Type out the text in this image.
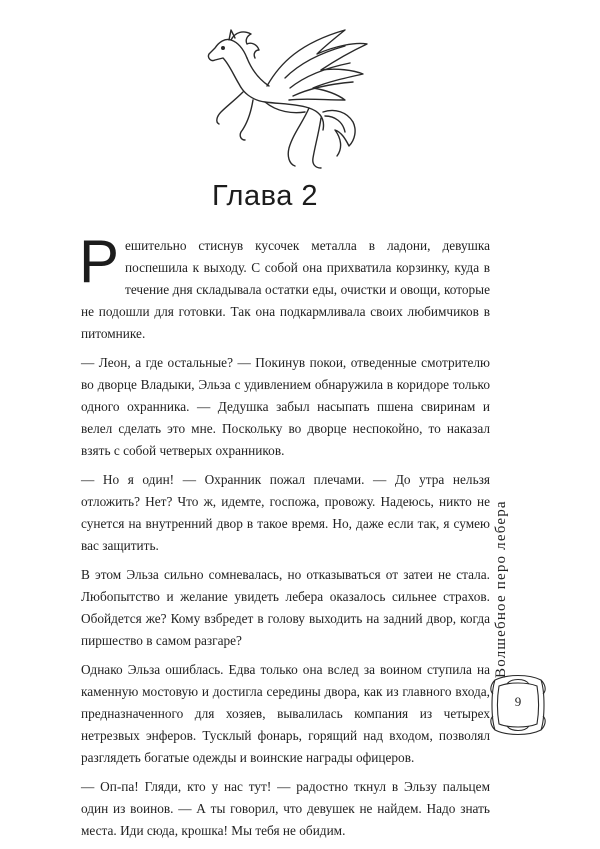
Глава 2

Решительно стиснув кусочек металла в ладони, девушка поспешила к выходу. С собой она прихватила корзинку, куда в течение дня складывала остатки еды, очистки и овощи, которые не подошли для готовки. Так она подкармливала своих любимчиков в питомнике.

— Леон, а где остальные? — Покинув покои, отведенные смотрителю во дворце Владыки, Эльза с удивлением обнаружила в коридоре только одного охранника. — Дедушка забыл насыпать пшена свиринам и велел сделать это мне. Поскольку во дворце неспокойно, то наказал взять с собой четверых охранников.

— Но я один! — Охранник пожал плечами. — До утра нельзя отложить? Нет? Что ж, идемте, госпожа, провожу. Надеюсь, никто не сунется на внутренний двор в такое время. Но, даже если так, я сумею вас защитить.

В этом Эльза сильно сомневалась, но отказываться от затеи не стала. Любопытство и желание увидеть лебера оказалось сильнее страхов. Обойдется же? Кому взбредет в голову выходить на задний двор, когда пиршество в самом разгаре?

Однако Эльза ошиблась. Едва только она вслед за воином ступила на каменную мостовую и достигла середины двора, как из главного входа, предназначенного для хозяев, вывалилась компания из четырех нетрезвых энферов. Тусклый фонарь, горящий над входом, позволял разглядеть богатые одежды и воинские награды офицеров.

— Оп-па! Гляди, кто у нас тут! — радостно ткнул в Эльзу пальцем один из воинов. — А ты говорил, что девушек не найдем. Надо знать места. Иди сюда, крошка! Мы тебя не обидим.

Волшебное перо лебера
9
